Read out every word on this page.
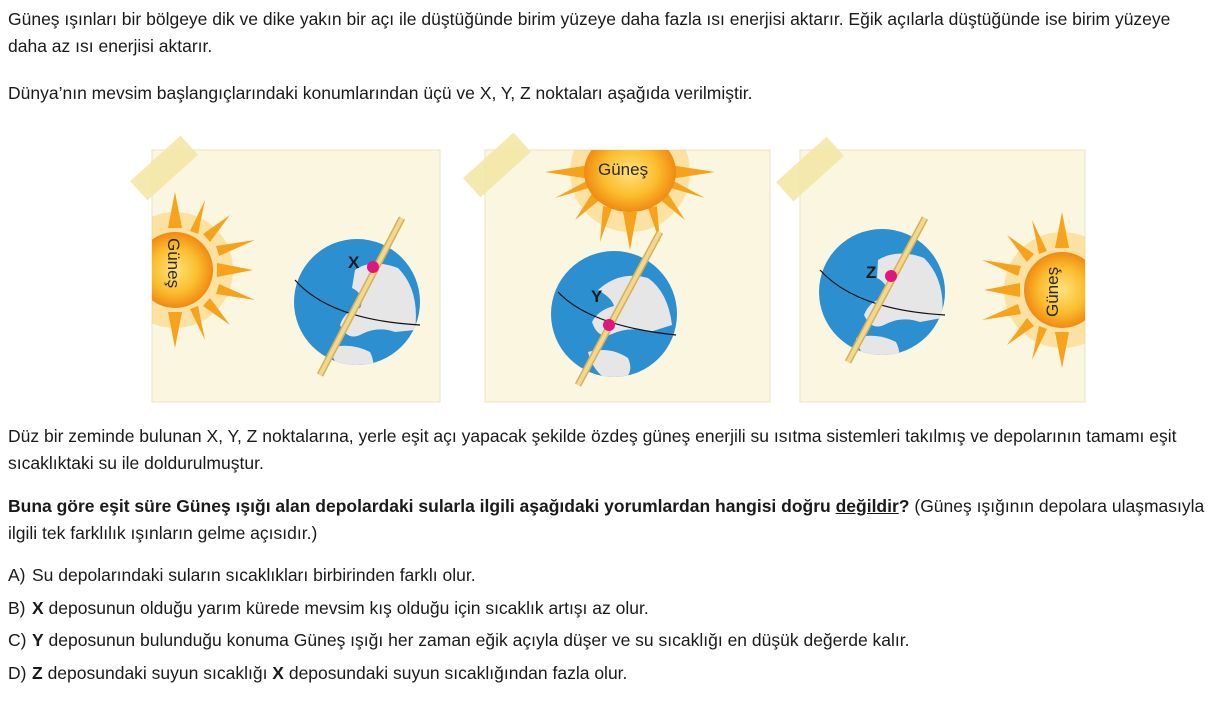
Güneş ışınları bir bölgeye dik ve dike yakın bir açı ile düştüğünde birim yüzeye daha fazla ısı enerjisi aktarır. Eğik açılarla düştüğünde ise birim yüzeye daha az ısı enerjisi aktarır.

Dünya’nın mevsim başlangıçlarındaki konumlarından üçü ve X, Y, Z noktaları aşağıda verilmiştir.

Güneş	X
Güneş
Y	Güneş
Z

Düz bir zeminde bulunan X, Y, Z noktalarına, yerle eşit açı yapacak şekilde özdeş güneş enerjili su ısıtma sistemleri takılmış ve depolarının tamamı eşit sıcaklıktaki su ile doldurulmuştur.

Buna göre eşit süre Güneş ışığı alan depolardaki sularla ilgili aşağıdaki yorumlardan hangisi doğru değildir? (Güneş ışığının depolara ulaşmasıyla ilgili tek farklılık ışınların gelme açısıdır.)

A) Su depolarındaki suların sıcaklıkları birbirinden farklı olur.
B) X deposunun olduğu yarım kürede mevsim kış olduğu için sıcaklık artışı az olur.
C) Y deposunun bulunduğu konuma Güneş ışığı her zaman eğik açıyla düşer ve su sıcaklığı en düşük değerde kalır.
D) Z deposundaki suyun sıcaklığı X deposundaki suyun sıcaklığından fazla olur.
